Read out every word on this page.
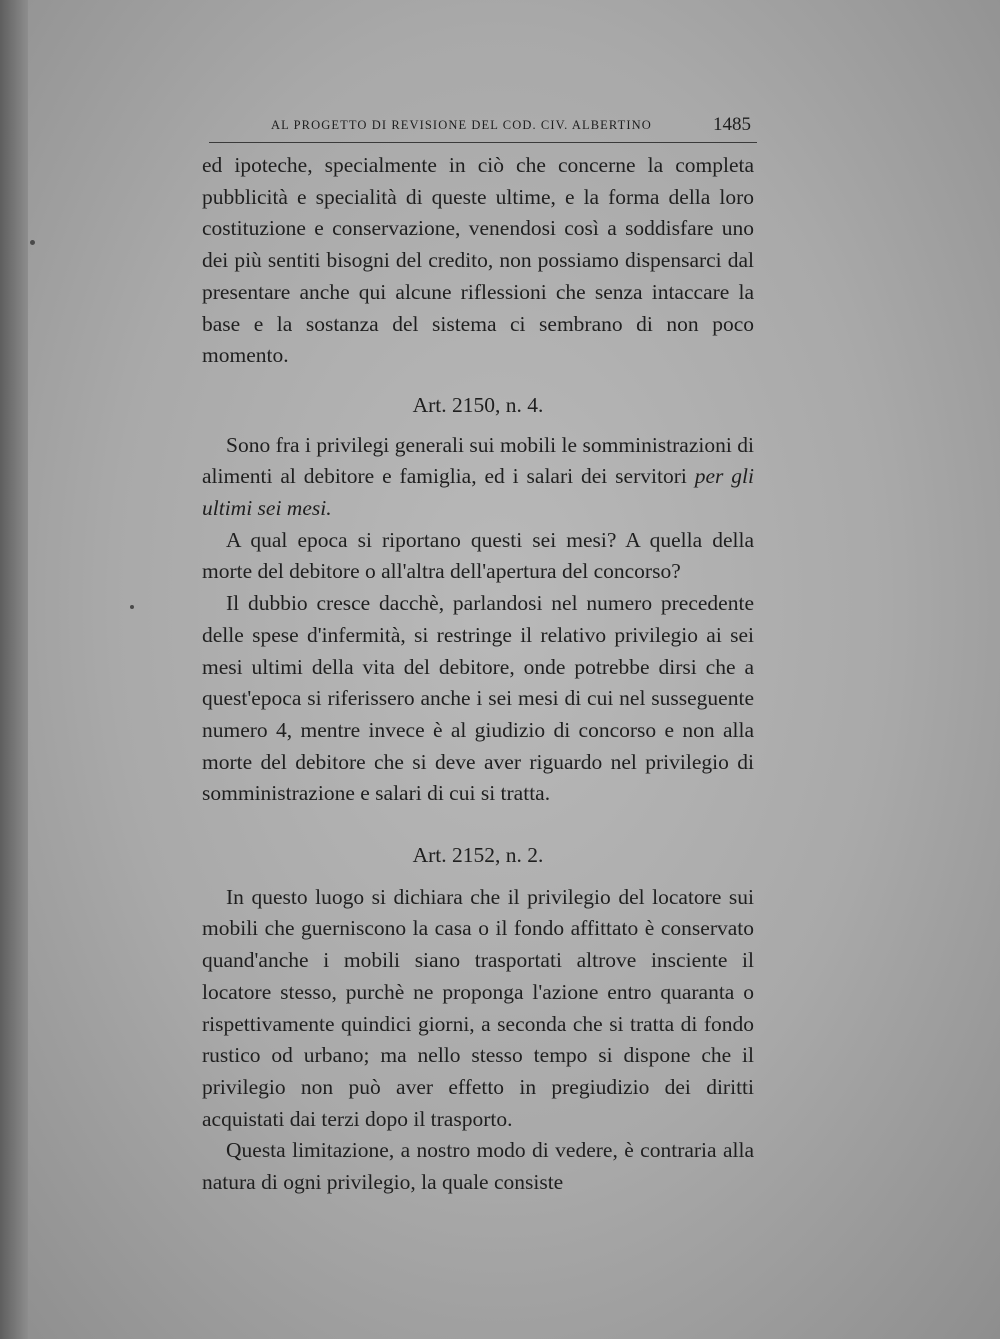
AL PROGETTO DI REVISIONE DEL COD. CIV. ALBERTINO	1485

ed ipoteche, specialmente in ciò che concerne la completa pubblicità e specialità di queste ultime, e la forma della loro costituzione e conservazione, venendosi così a soddisfare uno dei più sentiti bisogni del credito, non possiamo dispensarci dal presentare anche qui alcune riflessioni che senza intaccare la base e la sostanza del sistema ci sembrano di non poco momento.

Art. 2150, n. 4.

Sono fra i privilegi generali sui mobili le somministrazioni di alimenti al debitore e famiglia, ed i salari dei servitori per gli ultimi sei mesi.

A qual epoca si riportano questi sei mesi? A quella della morte del debitore o all'altra dell'apertura del concorso?

Il dubbio cresce dacchè, parlandosi nel numero precedente delle spese d'infermità, si restringe il relativo privilegio ai sei mesi ultimi della vita del debitore, onde potrebbe dirsi che a quest'epoca si riferissero anche i sei mesi di cui nel susseguente numero 4, mentre invece è al giudizio di concorso e non alla morte del debitore che si deve aver riguardo nel privilegio di somministrazione e salari di cui si tratta.

Art. 2152, n. 2.

In questo luogo si dichiara che il privilegio del locatore sui mobili che guerniscono la casa o il fondo affittato è conservato quand'anche i mobili siano trasportati altrove insciente il locatore stesso, purchè ne proponga l'azione entro quaranta o rispettivamente quindici giorni, a seconda che si tratta di fondo rustico od urbano; ma nello stesso tempo si dispone che il privilegio non può aver effetto in pregiudizio dei diritti acquistati dai terzi dopo il trasporto.

Questa limitazione, a nostro modo di vedere, è contraria alla natura di ogni privilegio, la quale consiste
